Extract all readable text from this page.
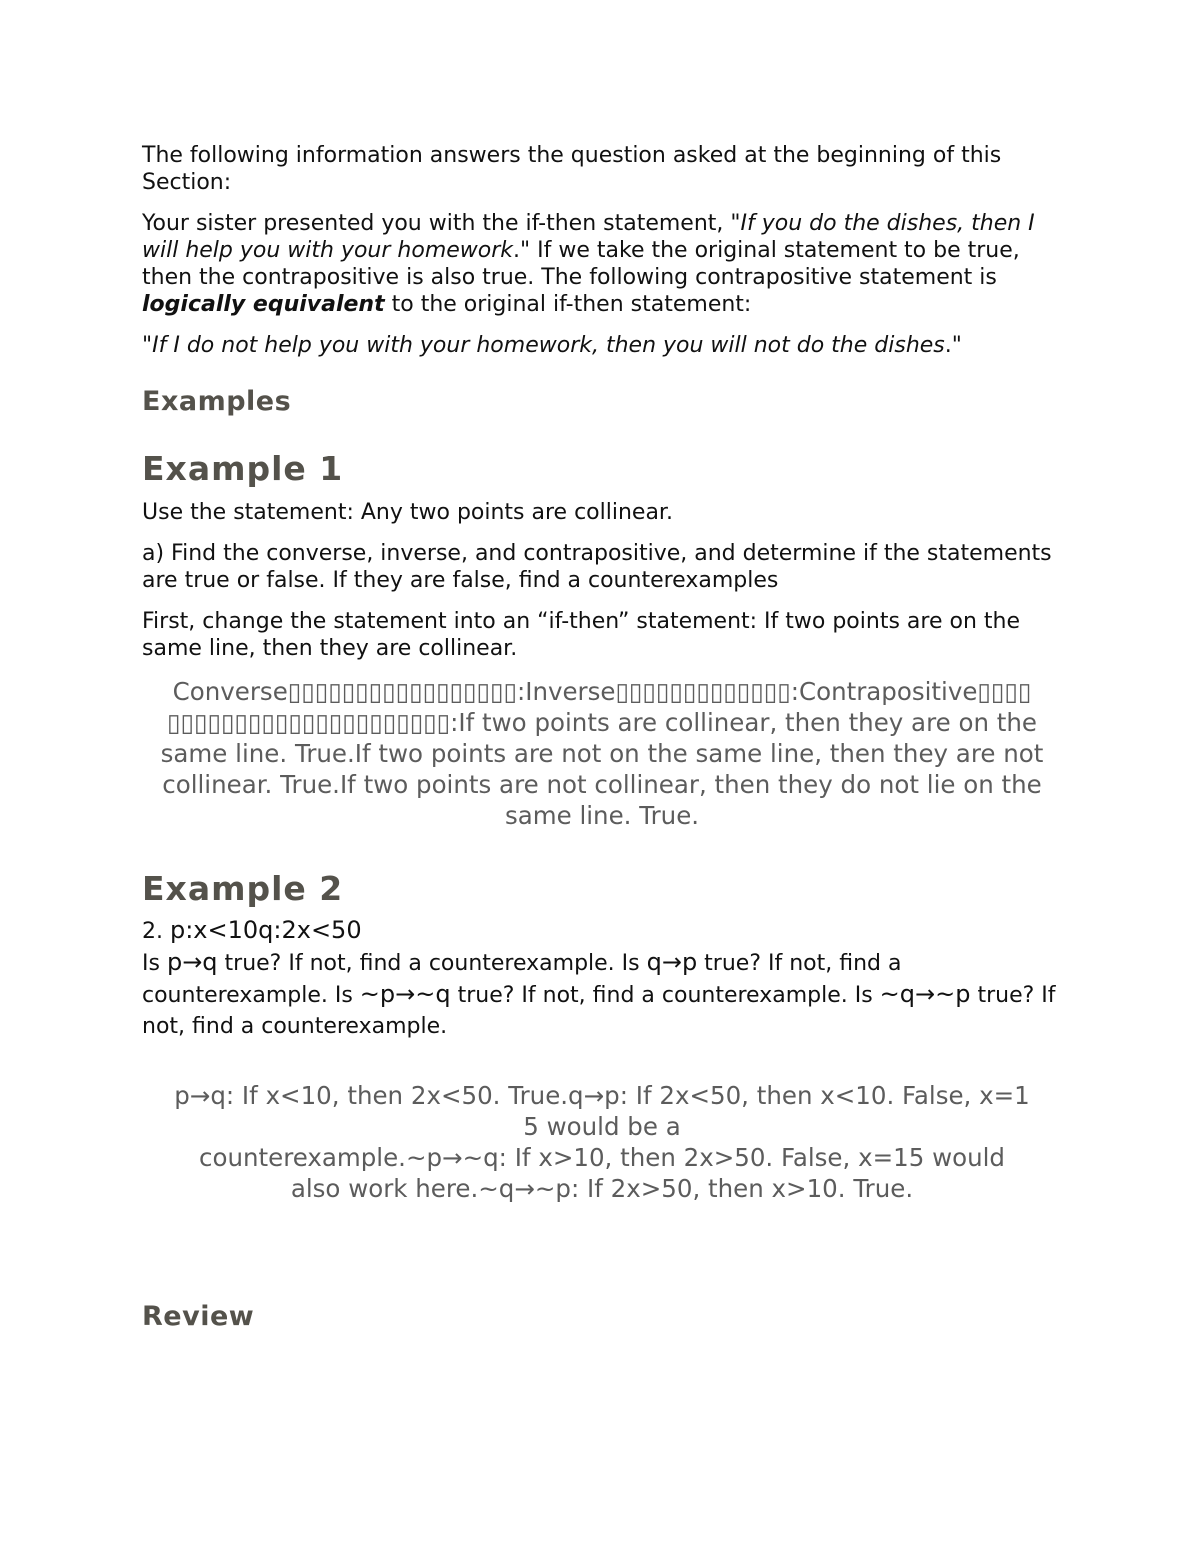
The following information answers the question asked at the beginning of this Section:

Your sister presented you with the if-then statement, "If you do the dishes, then I will help you with your homework." If we take the original statement to be true, then the contrapositive is also true. The following contrapositive statement is logically equivalent to the original if-then statement:

"If I do not help you with your homework, then you will not do the dishes."

Examples
Example 1

Use the statement: Any two points are collinear.

a) Find the converse, inverse, and contrapositive, and determine if the statements are true or false. If they are false, find a counterexamples

First, change the statement into an “if-then” statement: If two points are on the same line, then they are collinear.

Converse▯▯▯▯▯▯▯▯▯▯▯▯▯▯▯▯▯:Inverse▯▯▯▯▯▯▯▯▯▯▯▯▯:Contrapositive▯▯▯▯
▯▯▯▯▯▯▯▯▯▯▯▯▯▯▯▯▯▯▯▯▯:If two points are collinear, then they are on the same line. True.If two points are not on the same line, then they are not collinear. True.If two points are not collinear, then they do not lie on the same line. True.

Example 2

2. p:x<10q:2x<50

Is p→q true? If not, find a counterexample. Is q→p true? If not, find a counterexample. Is ~p→~q true? If not, find a counterexample. Is ~q→~p true? If not, find a counterexample.

p→q: If x<10, then 2x<50. True.q→p: If 2x<50, then x<10. False, x=1
5 would be a
counterexample.~p→~q: If x>10, then 2x>50. False, x=15 would
also work here.~q→~p: If 2x>50, then x>10. True.

Review
